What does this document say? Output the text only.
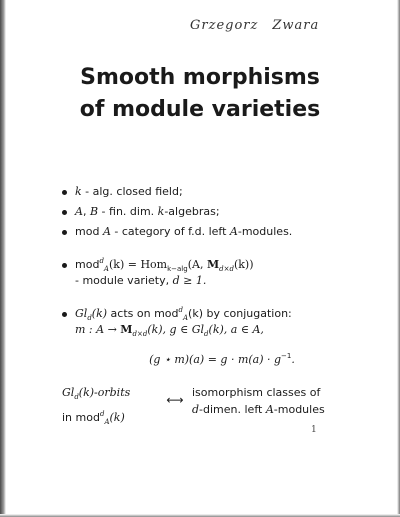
Grzegorz Zwara
Smooth morphisms
of module varieties
k - alg. closed field;
A, B - fin. dim. k-algebras;
mod A - category of f.d. left A-modules.
mod$^d_A$(k) = Hom$_{k-alg}$(A, $M_{d\times d}(k)$)
- module variety, d ≥ 1.
$Gl_d(k)$ acts on mod$^d_A$(k) by conjugation:
m : $A \to M_{d\times d}(k)$, g ∈ $Gl_d(k)$, a ∈ A,
(g ⋆ $m)(a) = g \cdot m(a) \cdot g^{-1}$.
$Gl_d(k)$-orbits
in mod$^d_A$(k)
⟷
isomorphism classes of
d-dimen. left A-modules
1
